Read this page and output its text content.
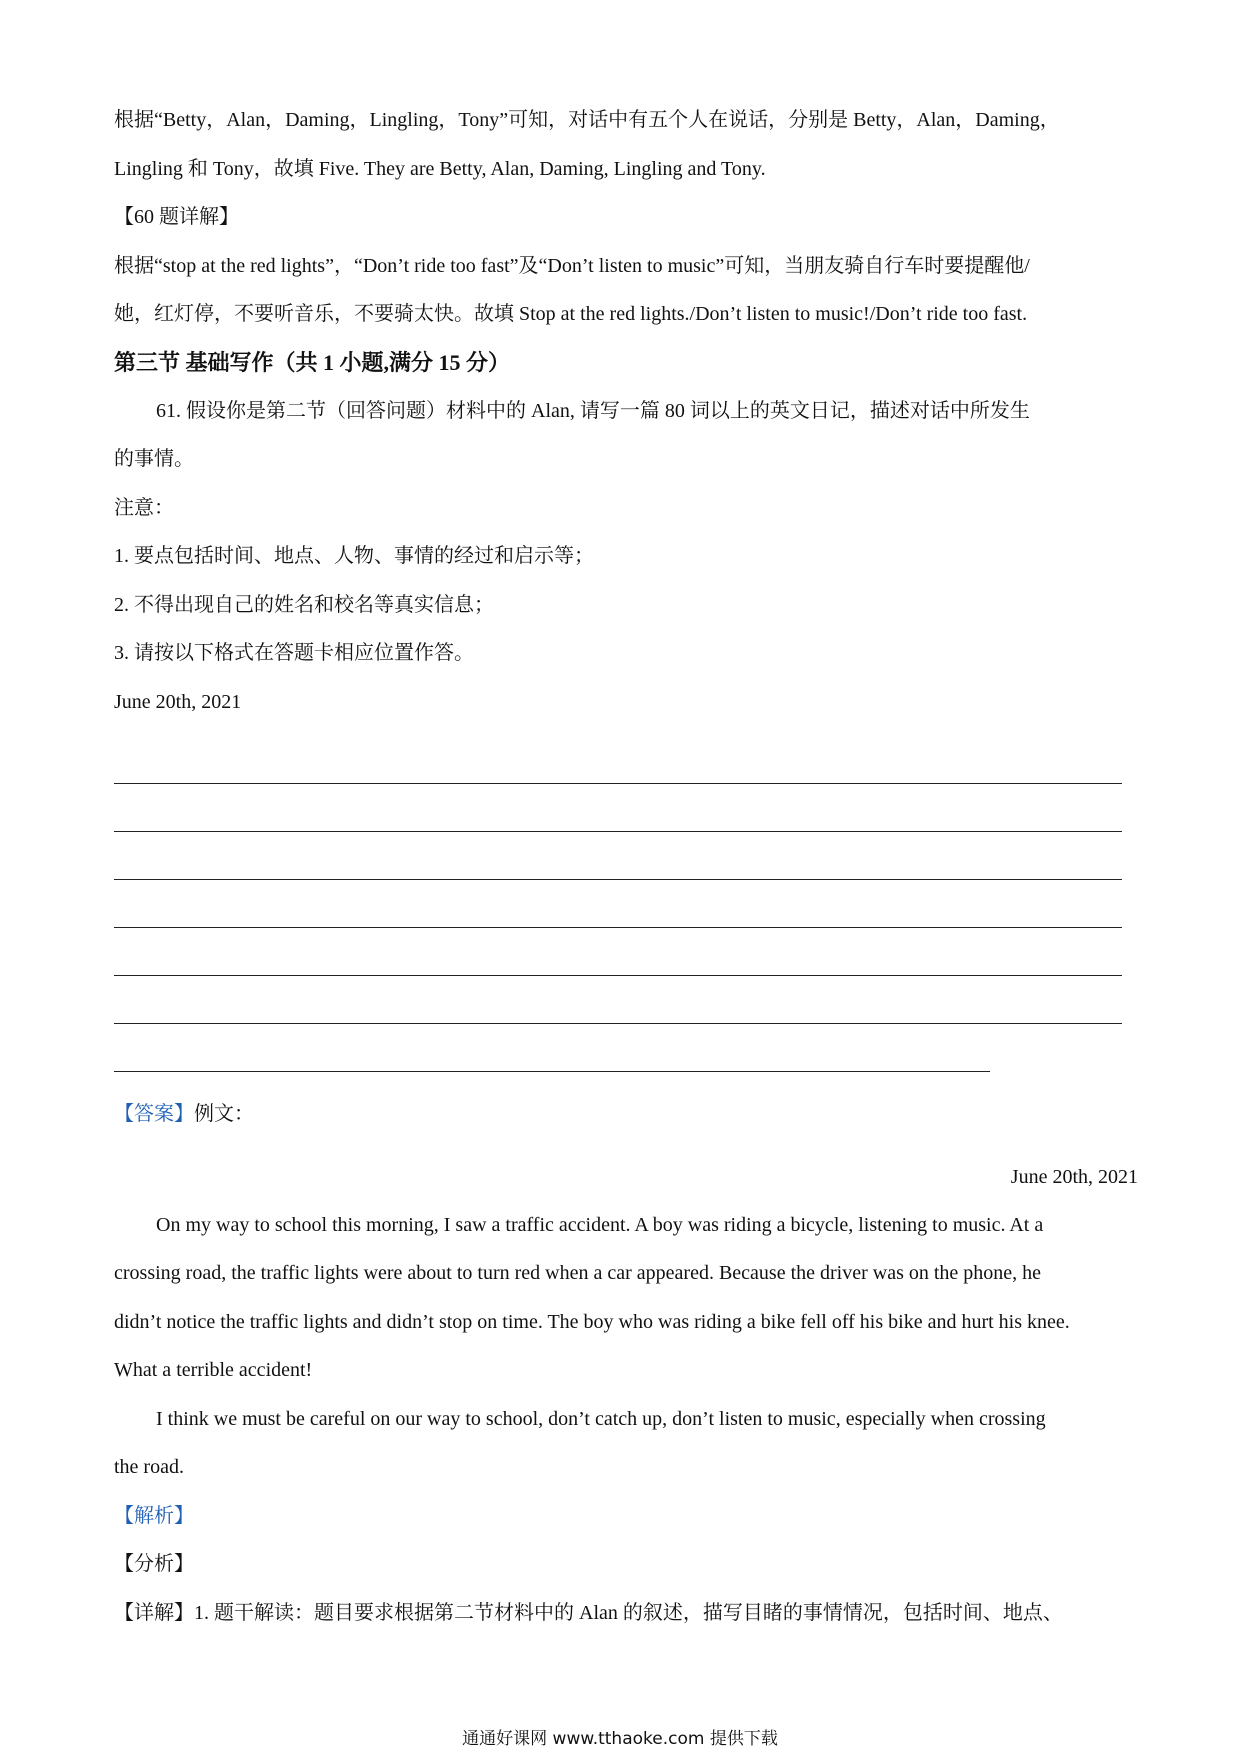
根据“Betty，Alan，Daming，Lingling，Tony”可知，对话中有五个人在说话，分别是 Betty，Alan，Daming，

Lingling 和 Tony，故填 Five. They are Betty, Alan, Daming, Lingling and Tony.

【60 题详解】

根据“stop at the red lights”，“Don’t ride too fast”及“Don’t listen to music”可知，当朋友骑自行车时要提醒他/

她，红灯停，不要听音乐，不要骑太快。故填 Stop at the red lights./Don’t listen to music!/Don’t ride too fast.

第三节 基础写作（共 1 小题,满分 15 分）

61. 假设你是第二节（回答问题）材料中的 Alan, 请写一篇 80 词以上的英文日记，描述对话中所发生

的事情。

注意：

1. 要点包括时间、地点、人物、事情的经过和启示等；

2. 不得出现自己的姓名和校名等真实信息；

3. 请按以下格式在答题卡相应位置作答。

June 20th, 2021

【答案】例文：

June 20th, 2021

On my way to school this morning, I saw a traffic accident. A boy was riding a bicycle, listening to music. At a

crossing road, the traffic lights were about to turn red when a car appeared. Because the driver was on the phone, he

didn’t notice the traffic lights and didn’t stop on time. The boy who was riding a bike fell off his bike and hurt his knee.

What a terrible accident!

I think we must be careful on our way to school, don’t catch up, don’t listen to music, especially when crossing

the road.

【解析】

【分析】

【详解】1. 题干解读：题目要求根据第二节材料中的 Alan 的叙述，描写目睹的事情情况，包括时间、地点、

通通好课网 www.tthaoke.com 提供下载
